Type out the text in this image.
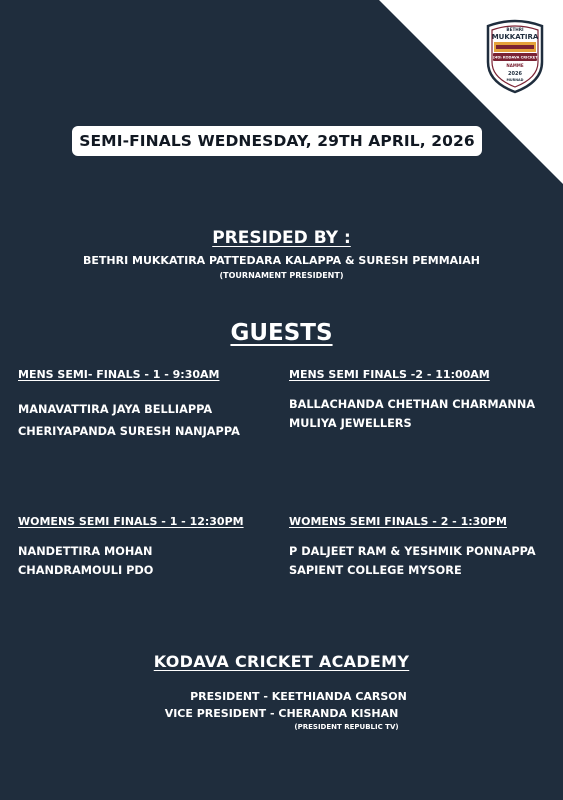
BETHRI
MUKKATIRA
24th KODAVA CRICKET
NAMME
2026
MURNAD
SEMI-FINALS WEDNESDAY, 29TH APRIL, 2026
PRESIDED BY :
BETHRI MUKKATIRA PATTEDARA KALAPPA & SURESH PEMMAIAH
(TOURNAMENT PRESIDENT)
GUESTS
MENS SEMI- FINALS - 1 - 9:30AM
MANAVATTIRA JAYA BELLIAPPA
CHERIYAPANDA SURESH NANJAPPA
MENS SEMI FINALS -2 - 11:00AM
BALLACHANDA CHETHAN CHARMANNA
MULIYA JEWELLERS
WOMENS SEMI FINALS - 1 - 12:30PM
NANDETTIRA MOHAN
CHANDRAMOULI PDO
WOMENS SEMI FINALS - 2 - 1:30PM
P DALJEET RAM & YESHMIK PONNAPPA
SAPIENT COLLEGE MYSORE
KODAVA CRICKET ACADEMY
PRESIDENT - KEETHIANDA CARSON
VICE PRESIDENT - CHERANDA KISHAN
(PRESIDENT REPUBLIC TV)
